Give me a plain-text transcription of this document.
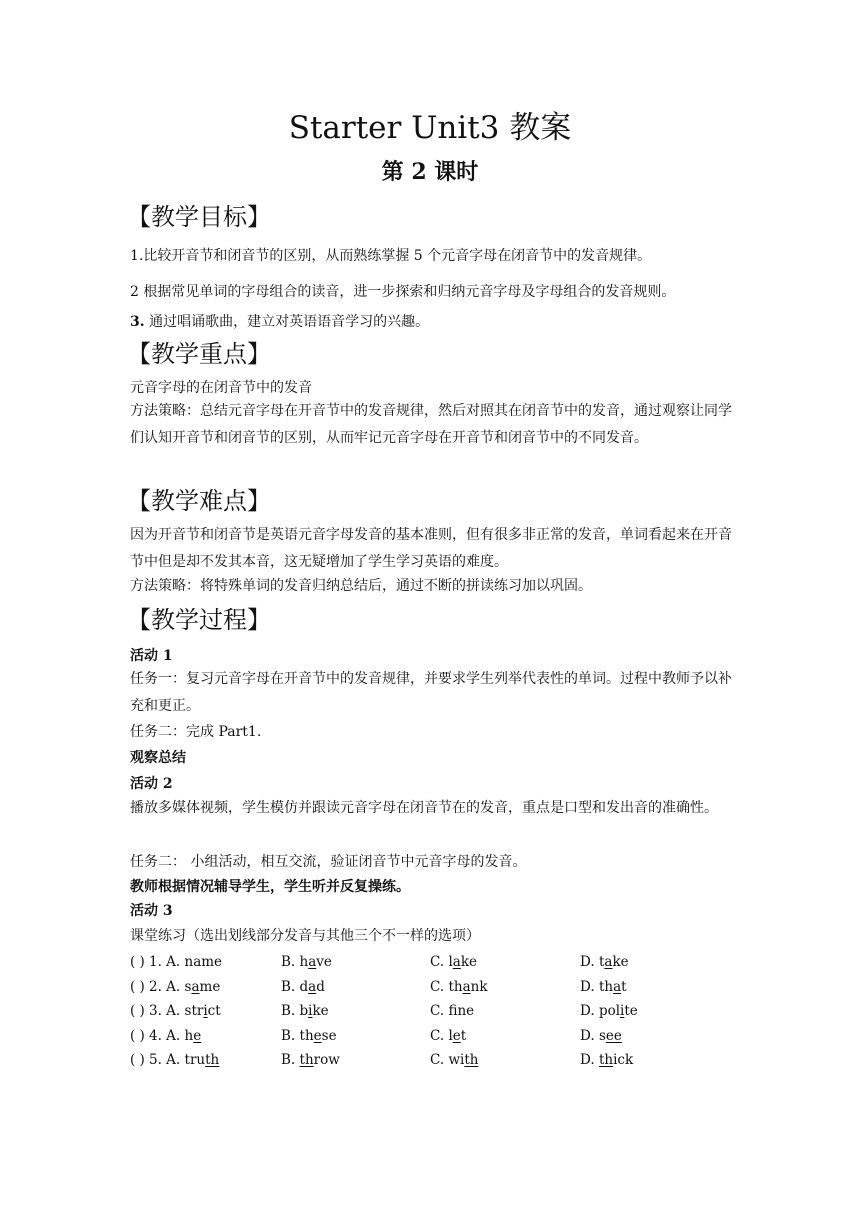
Starter Unit3 教案
第 2 课时
【教学目标】
1.比较开音节和闭音节的区别，从而熟练掌握 5 个元音字母在闭音节中的发音规律。
2 根据常见单词的字母组合的读音，进一步探索和归纳元音字母及字母组合的发音规则。
3. 通过唱诵歌曲，建立对英语语音学习的兴趣。
【教学重点】
元音字母的在闭音节中的发音
方法策略：总结元音字母在开音节中的发音规律，然后对照其在闭音节中的发音，通过观察让同学们认知开音节和闭音节的区别，从而牢记元音字母在开音节和闭音节中的不同发音。
【教学难点】
因为开音节和闭音节是英语元音字母发音的基本准则，但有很多非正常的发音，单词看起来在开音节中但是却不发其本音，这无疑增加了学生学习英语的难度。
方法策略：将特殊单词的发音归纳总结后，通过不断的拼读练习加以巩固。
【教学过程】
活动 1
任务一：复习元音字母在开音节中的发音规律，并要求学生列举代表性的单词。过程中教师予以补充和更正。
任务二：完成 Part1.
观察总结
活动 2
播放多媒体视频，学生模仿并跟读元音字母在闭音节在的发音，重点是口型和发出音的准确性。
任务二： 小组活动，相互交流，验证闭音节中元音字母的发音。
教师根据情况辅导学生，学生听并反复操练。
活动 3
课堂练习（选出划线部分发音与其他三个不一样的选项）
( ) 1. A. name	B. have	C. lake	D. take
( ) 2. A. same	B. dad	C. thank	D. that
( ) 3. A. strict	B. bike	C. fne	D. polite
( ) 4. A. he	B. these	C. let	D. see
( ) 5. A. truth	B. throw	C. with	D. thick
